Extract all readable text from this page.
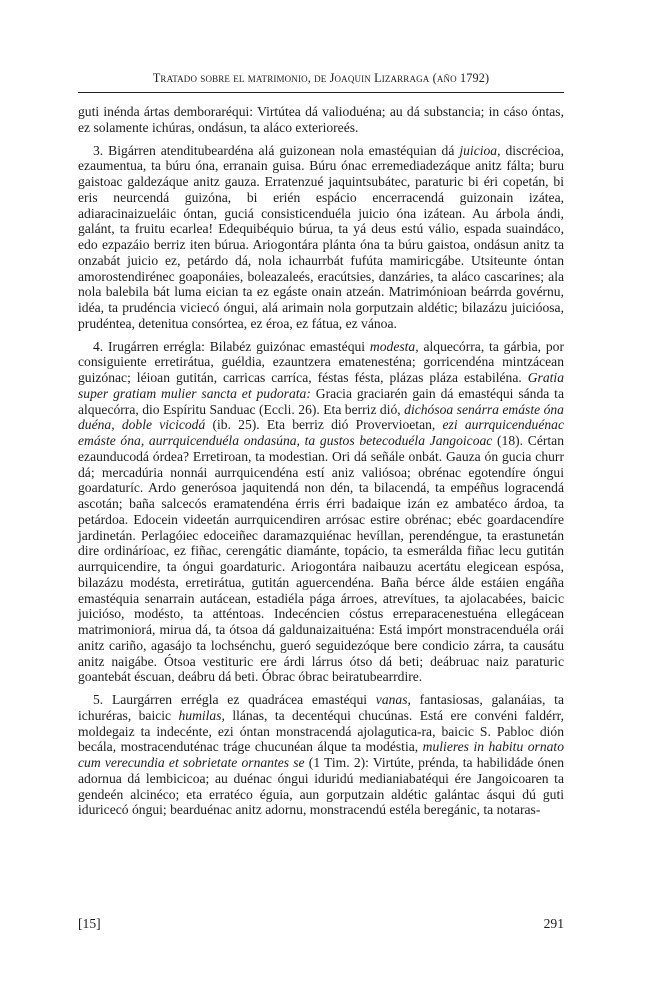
Tratado sobre el matrimonio, de Joaquin Lizarraga (año 1792)

guti inénda ártas demboraréqui: Virtútea dá valioduéna; au dá substancia; in cáso óntas, ez solamente ichúras, ondásun, ta aláco exterioreés.

3. Bigárren atenditubeardéna alá guizonean nola emastéquian dá juicioa, discrécioa, ezaumentua, ta búru óna, erranain guisa. Búru ónac erremediadezáque anitz fálta; buru gaistoac galdezáque anitz gauza. Erratenzué jaquintsubátec, paraturic bi éri copetán, bi eris neurcendá guizóna, bi erién espácio encerracendá guizonain izátea, adiaracinaizueláic óntan, guciá consisticenduéla juicio óna izátean. Au árbola ándi, galánt, ta fruitu ecarlea! Edequibéquio búrua, ta yá deus estú válio, espada suaindáco, edo ezpazáio berriz iten búrua. Ariogontára plánta óna ta búru gaistoa, ondásun anitz ta onzabát juicio ez, petárdo dá, nola ichaurrbát fufúta mamiricgábe. Utsiteunte óntan amorostendirénec goaponáies, boleazaleés, eracútsies, danzáries, ta aláco cascarines; ala nola balebila bát luma eician ta ez egáste onain atzeán. Matrimónioan beárrda govérnu, idéa, ta prudéncia viciecó óngui, alá arimain nola gorputzain aldétic; bilazázu juicióosa, prudéntea, detenitua consórtea, ez éroa, ez fátua, ez vánoa.

4. Irugárren errégla: Bilabéz guizónac emastéqui modesta, alquecórra, ta gárbia, por consiguiente erretirátua, guéldia, ezauntzera ematenesténa; gorricendéna mintzácean guizónac; léioan gutitán, carricas carríca, féstas fésta, plázas pláza estabiléna. Gratia super gratiam mulier sancta et pudorata: Gracia graciarén gain dá emastéqui sánda ta alquecórra, dio Espíritu Sanduac (Eccli. 26). Eta berriz dió, dichósoa senárra emáste óna duéna, doble vicicodá (ib. 25). Eta berriz dió Provervioetan, ezi aurrquicenduénac emáste óna, aurrquicenduéla ondasúna, ta gustos betecoduéla Jangoicoac (18). Cértan ezaunducodá órdea? Erretiroan, ta modestian. Ori dá señále onbát. Gauza ón gucia churr dá; mercadúria nonnái aurrquicendéna estí aniz valiósoa; obrénac egotendíre óngui goardaturíc. Ardo generósoa jaquitendá non dén, ta bilacendá, ta empéñus logracendá ascotán; baña salcecós eramatendéna érris érri badaique izán ez ambatéco árdoa, ta petárdoa. Edocein videetán aurrquicendiren arrósac estire obrénac; ebéc goardacendíre jardinetán. Perlagóiec edoceiñec daramazquiénac hevíllan, perendéngue, ta erastunetán dire ordináríoac, ez fiñac, cerengátic diamánte, topácio, ta esmeráldа fiñac lecu gutitán aurrquicendire, ta óngui goardaturic. Ariogontára naibauzu acertátu elegicean espósa, bilazázu modésta, erretirátua, gutitán aguercendéna. Baña bérce álde estáien engáña emastéquia senarrain autácean, estadiéla pága árroes, atrevítues, ta ajolacabées, baicic juicióso, modésto, ta atténtoas. Indecéncien cóstus erreparacenestuéna ellegácean matrimoniorá, mirua dá, ta ótsoa dá galdunaizaituéna: Está impórt monstracenduéla orái anitz cariño, agasájo ta lochsénchu, gueró seguidezóque bere condicio zárra, ta causátu anitz naigábe. Ótsoa vestituric ere árdi lárrus ótso dá beti; deábruac naiz paraturic goantebát éscuan, deábru dá beti. Óbrac óbrac beiratubearrdire.

5. Laurgárren errégla ez quadrácea emastéqui vanas, fantasiosas, galanáias, ta ichuréras, baicic humilas, llánas, ta decentéqui chucúnas. Está ere convéni faldérr, moldegaiz ta indecénte, ezi óntan monstracendá ajolagutica-ra, baicic S. Pabloc dión becála, mostracenduténac tráge chucunéan álque ta modéstia, mulieres in habitu ornato cum verecundia et sobrietate ornantes se (1 Tim. 2): Virtúte, prénda, ta habilidáde ónen adornua dá lembicicoa; au duénac óngui iduridú medianiabatéqui ére Jangoicoaren ta gendeén alcinéco; eta erratéco éguia, aun gorputzain aldétic galántac ásqui dú guti iduricecó óngui; bearduénac anitz adornu, monstracendú estéla beregánic, ta notaras-

[15]	291
